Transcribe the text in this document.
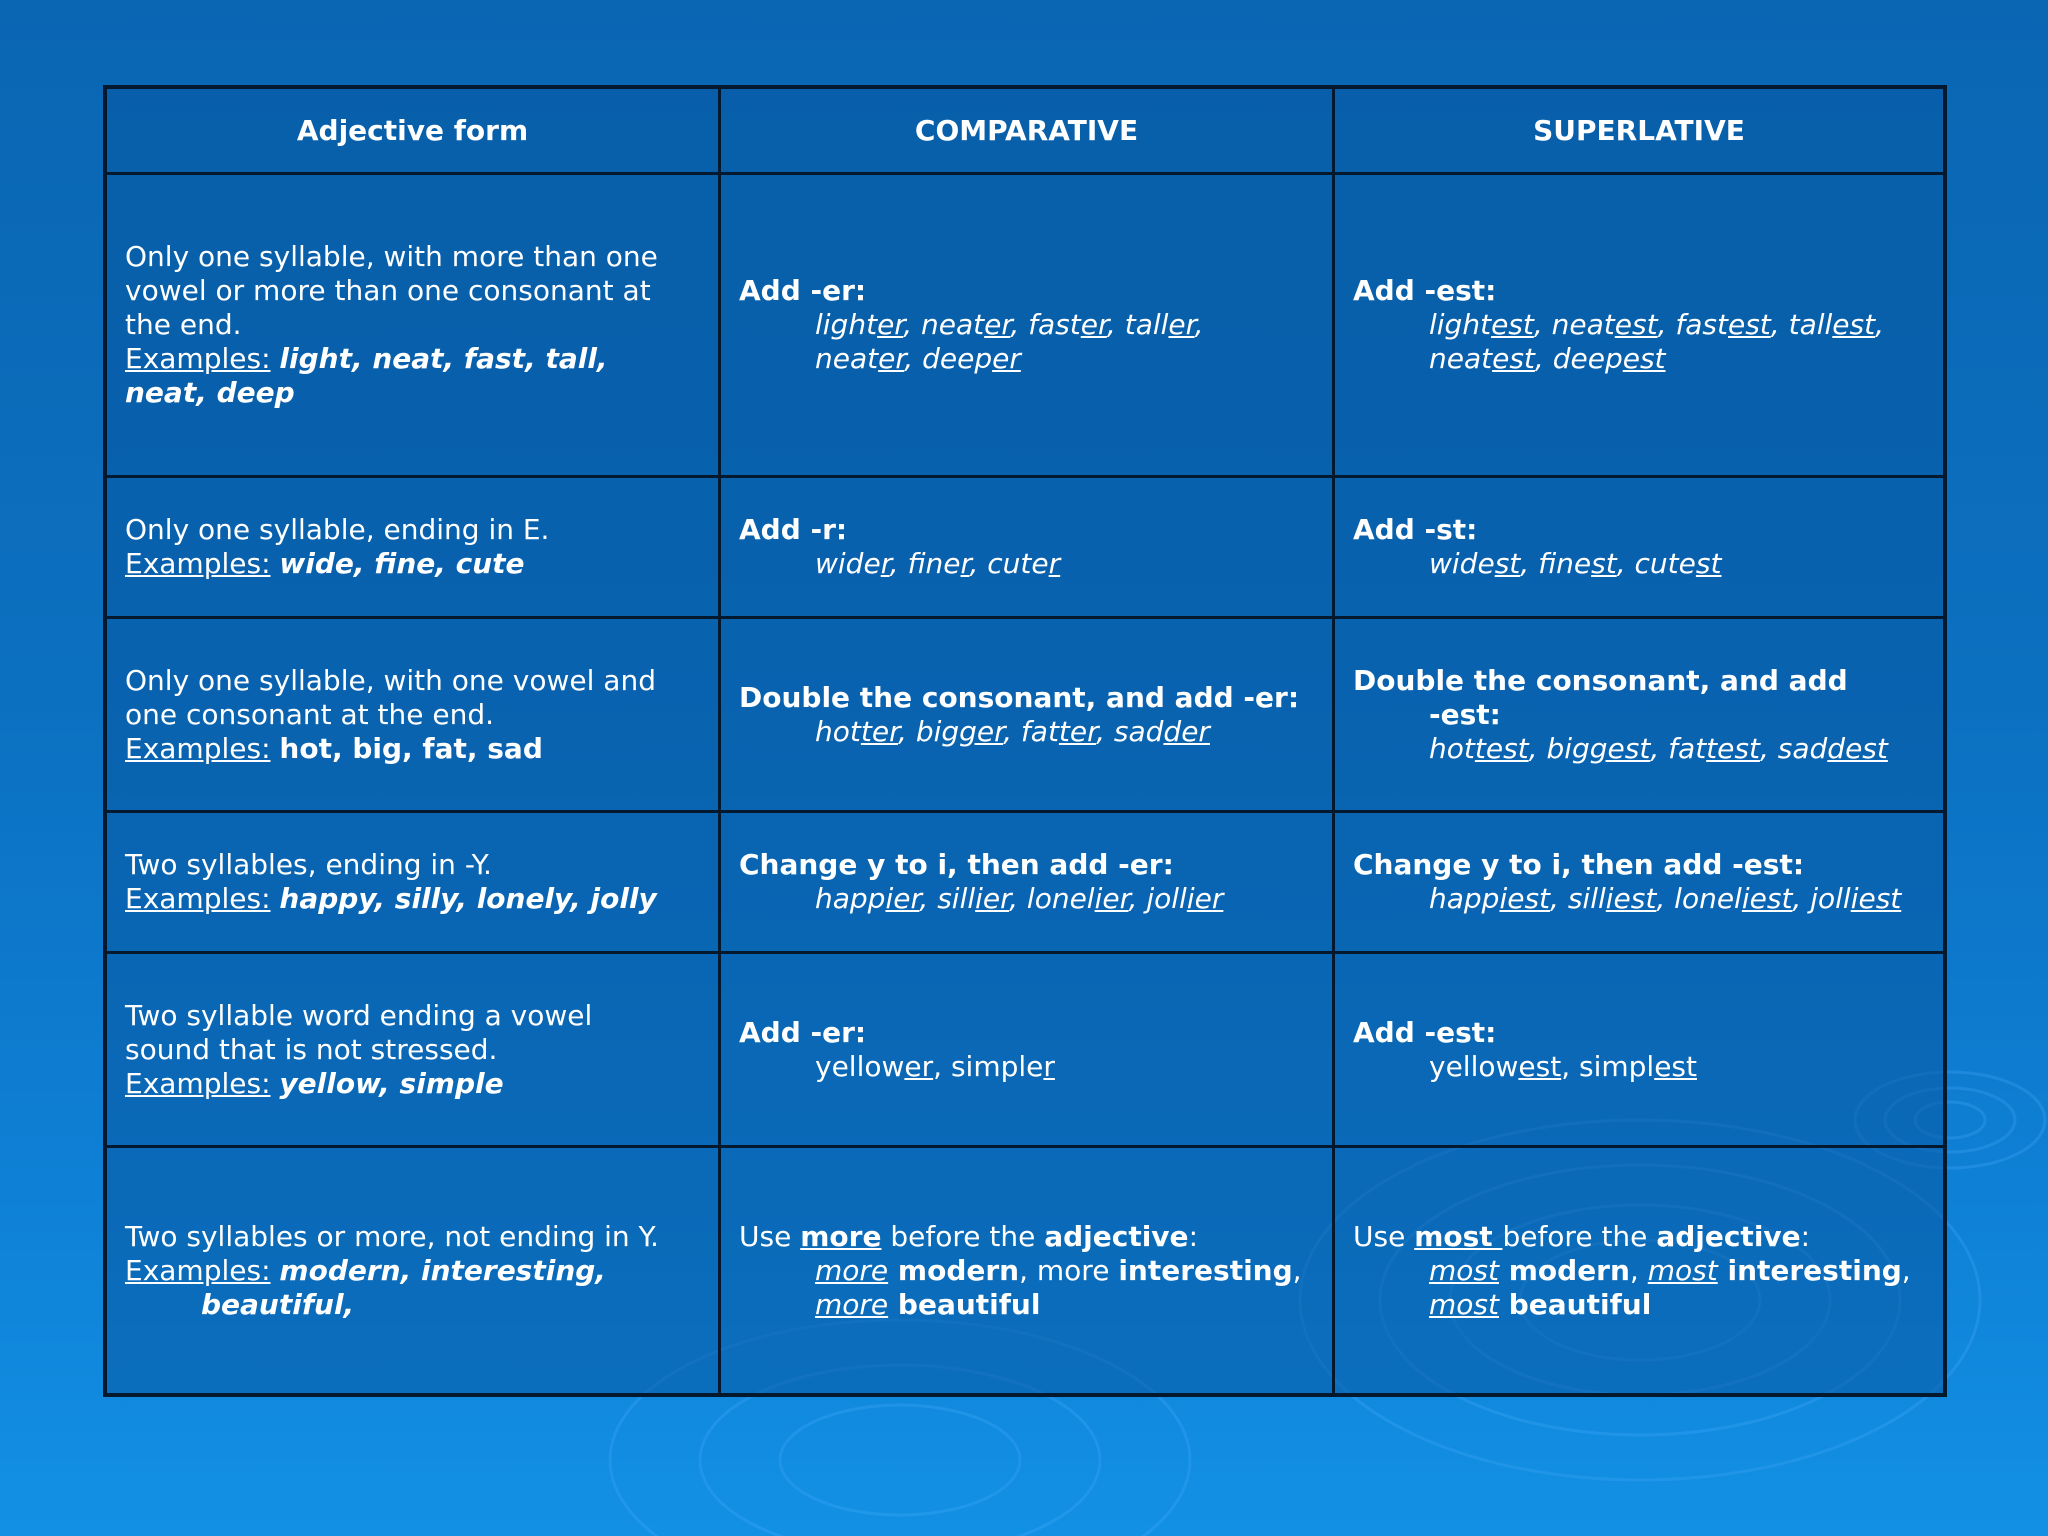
Adjective form	COMPARATIVE	SUPERLATIVE
Only one syllable, with more than one
vowel or more than one consonant at
the end.
Examples: light, neat, fast, tall,
neat, deep
Add -er:
lighter, neater, faster, taller,
neater, deeper
Add -est:
lightest, neatest, fastest, tallest,
neatest, deepest
Only one syllable, ending in E.
Examples: wide, fine, cute
Add -r:
wider, finer, cuter
Add -st:
widest, finest, cutest
Only one syllable, with one vowel and
one consonant at the end.
Examples: hot, big, fat, sad
Double the consonant, and add -er:
hotter, bigger, fatter, sadder
Double the consonant, and add
-est:
hottest, biggest, fattest, saddest
Two syllables, ending in -Y.
Examples: happy, silly, lonely, jolly
Change y to i, then add -er:
happier, sillier, lonelier, jollier
Change y to i, then add -est:
happiest, silliest, loneliest, jolliest
Two syllable word ending a vowel
sound that is not stressed.
Examples: yellow, simple
Add -er:
yellower, simpler
Add -est:
yellowest, simplest
Two syllables or more, not ending in Y.
Examples: modern, interesting,
beautiful,
Use more before the adjective:
more modern, more interesting,
more beautiful
Use most before the adjective:
most modern, most interesting,
most beautiful
